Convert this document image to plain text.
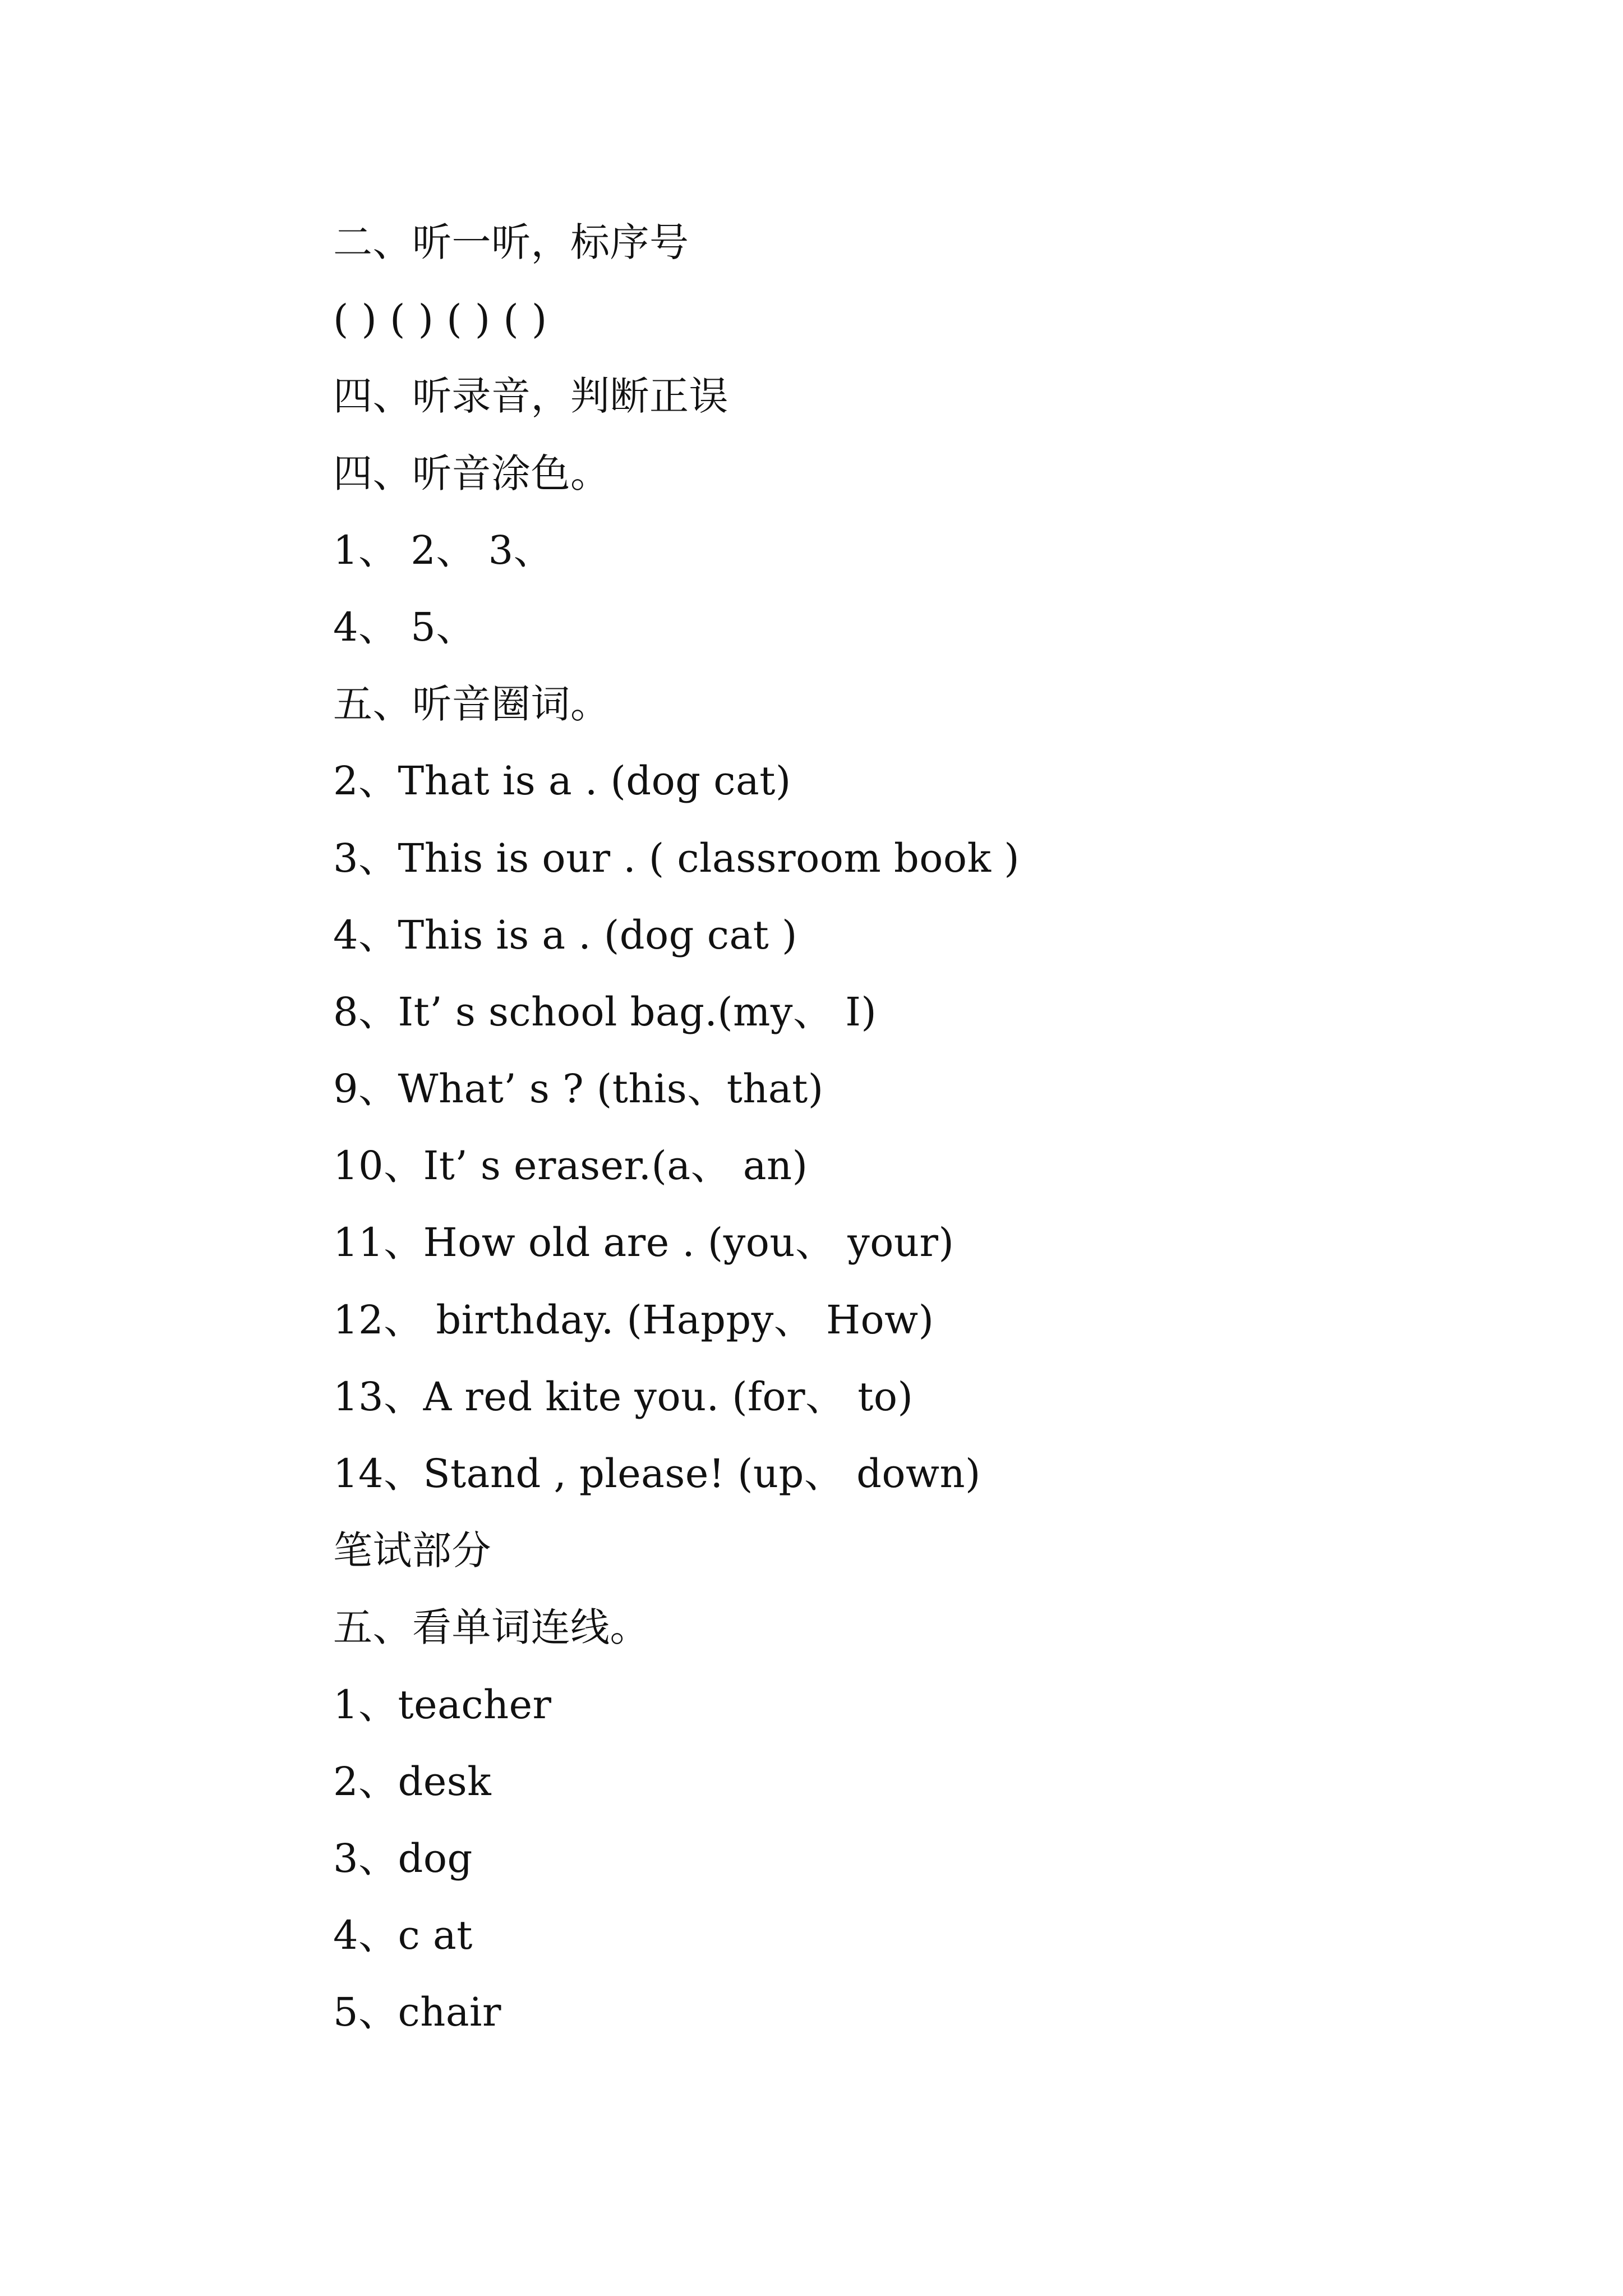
二、听一听，标序号
( ) ( ) ( ) ( )
四、听录音，判断正误
四、听音涂色。
1、 2、 3、
4、 5、
五、听音圈词。
2、That is a . (dog cat)
3、This is our . ( classroom book )
4、This is a . (dog cat )
8、It’ s school bag.(my、 I)
9、What’ s ? (this、that)
10、It’ s eraser.(a、 an)
11、How old are . (you、 your)
12、 birthday. (Happy、 How)
13、A red kite you. (for、 to)
14、Stand , please! (up、 down)
笔试部分
五、看单词连线。
1、teacher
2、desk
3、dog
4、c at
5、chair
